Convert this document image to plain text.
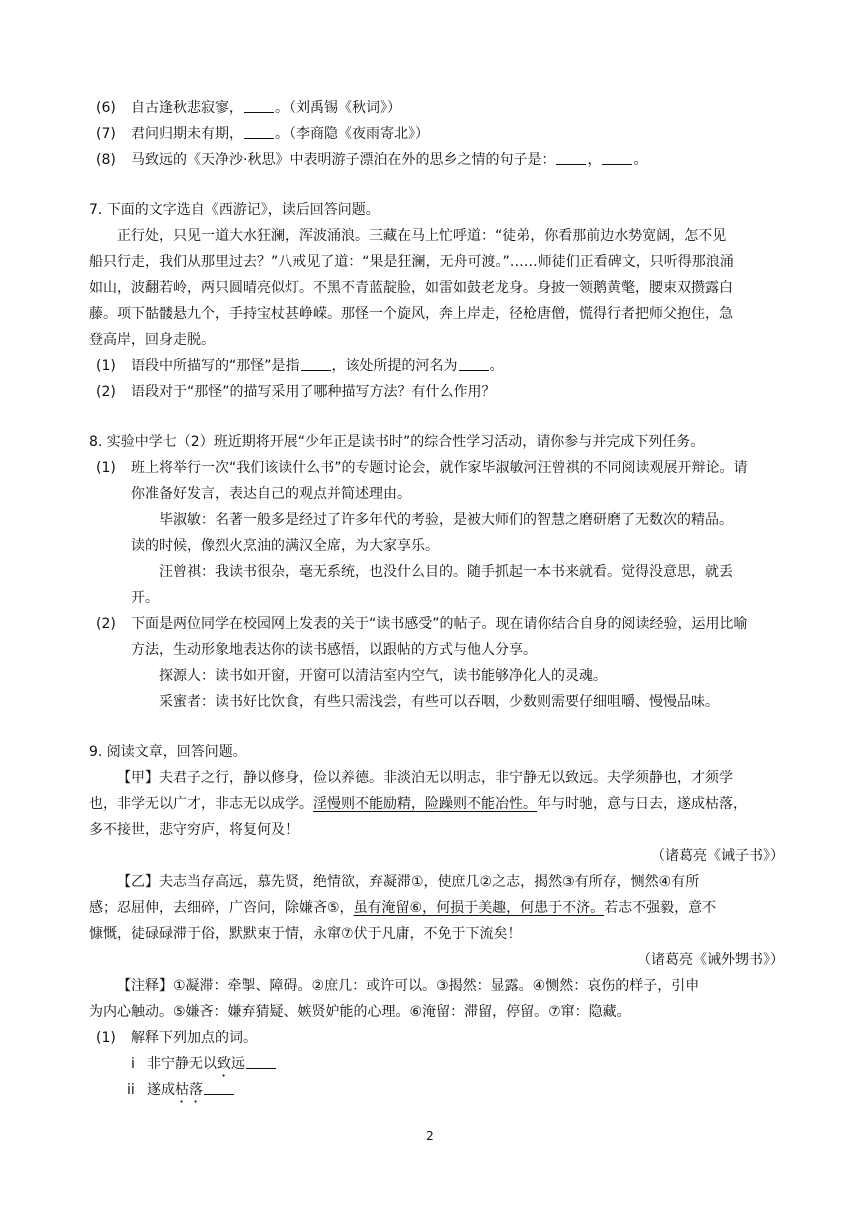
(6) 自古逢秋悲寂寥， 。（刘禹锡《秋词》）
(7) 君问归期未有期， 。（李商隐《夜雨寄北》）
(8) 马致远的《天净沙·秋思》中表明游子漂泊在外的思乡之情的句子是： ， 。
7. 下面的文字选自《西游记》，读后回答问题。
正行处，只见一道大水狂澜，浑波涌浪。三藏在马上忙呼道：“徒弟，你看那前边水势宽阔，怎不见
船只行走，我们从那里过去？”八戒见了道：“果是狂澜，无舟可渡。”……师徒们正看碑文，只听得那浪涌
如山，波翻若岭，两只圆晴亮似灯。不黑不青蓝靛脸，如雷如鼓老龙身。身披一领鹅黄氅，腰束双攒露白
藤。项下骷髅悬九个，手持宝杖甚峥嵘。那怪一个旋风，奔上岸走，径枪唐僧，慌得行者把师父抱住，急
登高岸，回身走脱。
(1) 语段中所描写的“那怪”是指 ，该处所提的河名为 。
(2) 语段对于“那怪”的描写采用了哪种描写方法？有什么作用？
8. 实验中学七（2）班近期将开展“少年正是读书时”的综合性学习活动，请你参与并完成下列任务。
(1) 班上将举行一次“我们该读什么书”的专题讨论会，就作家毕淑敏河汪曾祺的不同阅读观展开辩论。请
你准备好发言，表达自己的观点并简述理由。
毕淑敏：名著一般多是经过了许多年代的考验，是被大师们的智慧之磨研磨了无数次的精品。
读的时候，像烈火烹油的满汉全席，为大家享乐。
汪曾祺：我读书很杂，毫无系统，也没什么目的。随手抓起一本书来就看。觉得没意思，就丢
开。
(2) 下面是两位同学在校园网上发表的关于“读书感受”的帖子。现在请你结合自身的阅读经验，运用比喻
方法，生动形象地表达你的读书感悟，以跟帖的方式与他人分享。
探源人：读书如开窗，开窗可以清洁室内空气，读书能够净化人的灵魂。
采蜜者：读书好比饮食，有些只需浅尝，有些可以吞咽，少数则需要仔细咀嚼、慢慢品味。
9. 阅读文章，回答问题。
【甲】夫君子之行，静以修身，俭以养德。非淡泊无以明志，非宁静无以致远。夫学须静也，才须学
也，非学无以广才，非志无以成学。淫慢则不能励精，险躁则不能冶性。年与时驰，意与日去，遂成枯落，
多不接世，悲守穷庐，将复何及！
（诸葛亮《诫子书》）
【乙】夫志当存高远，慕先贤，绝情欲，弃凝滞①，使庶几②之志，揭然③有所存，恻然④有所
感；忍屈伸，去细碎，广咨问，除嫌吝⑤，虽有淹留⑥，何损于美趣，何患于不济。若志不强毅，意不
慷慨，徒碌碌滞于俗，默默束于情，永窜⑦伏于凡庸，不免于下流矣！
（诸葛亮《诫外甥书》）
【注释】①凝滞：牵掣、障碍。②庶几：或许可以。③揭然：显露。④恻然：哀伤的样子，引申
为内心触动。⑤嫌吝：嫌弃猜疑、嫉贤妒能的心理。⑥淹留：滞留，停留。⑦窜：隐藏。
(1) 解释下列加点的词。
i 非宁静无以致远
ii 遂成枯落
2
